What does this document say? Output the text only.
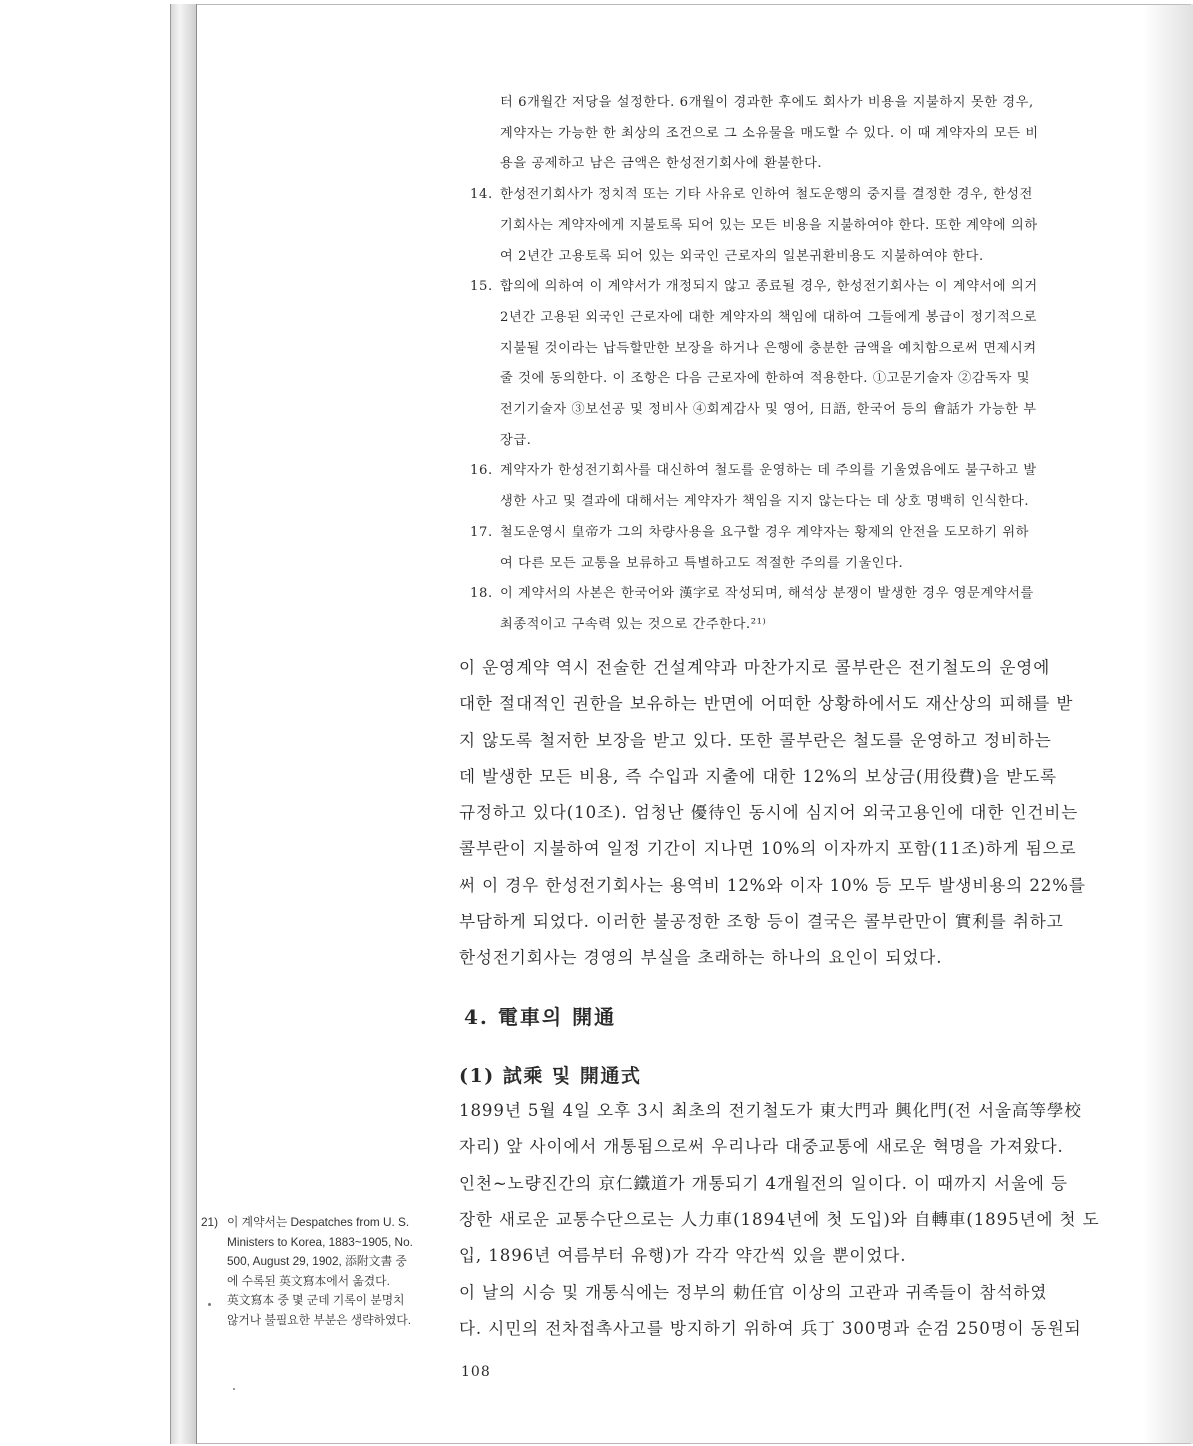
터 6개월간 저당을 설정한다. 6개월이 경과한 후에도 회사가 비용을 지불하지 못한 경우,
계약자는 가능한 한 최상의 조건으로 그 소유물을 매도할 수 있다. 이 때 계약자의 모든 비
용을 공제하고 남은 금액은 한성전기회사에 환불한다.
14. 한성전기회사가 정치적 또는 기타 사유로 인하여 철도운행의 중지를 결정한 경우, 한성전
기회사는 계약자에게 지불토록 되어 있는 모든 비용을 지불하여야 한다. 또한 계약에 의하
여 2년간 고용토록 되어 있는 외국인 근로자의 일본귀환비용도 지불하여야 한다.
15. 합의에 의하여 이 계약서가 개정되지 않고 종료될 경우, 한성전기회사는 이 계약서에 의거
2년간 고용된 외국인 근로자에 대한 계약자의 책임에 대하여 그들에게 봉급이 정기적으로
지불될 것이라는 납득할만한 보장을 하거나 은행에 충분한 금액을 예치함으로써 면제시켜
줄 것에 동의한다. 이 조항은 다음 근로자에 한하여 적용한다. ①고문기술자 ②감독자 및
전기기술자 ③보선공 및 정비사 ④회계감사 및 영어, 日語, 한국어 등의 會話가 가능한 부
장급.
16. 계약자가 한성전기회사를 대신하여 철도를 운영하는 데 주의를 기울였음에도 불구하고 발
생한 사고 및 결과에 대해서는 계약자가 책임을 지지 않는다는 데 상호 명백히 인식한다.
17. 철도운영시 皇帝가 그의 차량사용을 요구할 경우 계약자는 황제의 안전을 도모하기 위하
여 다른 모든 교통을 보류하고 특별하고도 적절한 주의를 기울인다.
18. 이 계약서의 사본은 한국어와 漢字로 작성되며, 해석상 분쟁이 발생한 경우 영문계약서를
최종적이고 구속력 있는 것으로 간주한다.²¹⁾

이 운영계약 역시 전술한 건설계약과 마찬가지로 콜부란은 전기철도의 운영에
대한 절대적인 권한을 보유하는 반면에 어떠한 상황하에서도 재산상의 피해를 받
지 않도록 철저한 보장을 받고 있다. 또한 콜부란은 철도를 운영하고 정비하는
데 발생한 모든 비용, 즉 수입과 지출에 대한 12%의 보상금(用役費)을 받도록
규정하고 있다(10조). 엄청난 優待인 동시에 심지어 외국고용인에 대한 인건비는
콜부란이 지불하여 일정 기간이 지나면 10%의 이자까지 포함(11조)하게 됨으로
써 이 경우 한성전기회사는 용역비 12%와 이자 10% 등 모두 발생비용의 22%를
부담하게 되었다. 이러한 불공정한 조항 등이 결국은 콜부란만이 實利를 취하고
한성전기회사는 경영의 부실을 초래하는 하나의 요인이 되었다.

4. 電車의 開通
(1) 試乘 및 開通式

1899년 5월 4일 오후 3시 최초의 전기철도가 東大門과 興化門(전 서울高等學校
자리) 앞 사이에서 개통됨으로써 우리나라 대중교통에 새로운 혁명을 가져왔다.
인천~노량진간의 京仁鐵道가 개통되기 4개월전의 일이다. 이 때까지 서울에 등
장한 새로운 교통수단으로는 人力車(1894년에 첫 도입)와 自轉車(1895년에 첫 도
입, 1896년 여름부터 유행)가 각각 약간씩 있을 뿐이었다.

이 날의 시승 및 개통식에는 정부의 勅任官 이상의 고관과 귀족들이 참석하였
다. 시민의 전차접촉사고를 방지하기 위하여 兵丁 300명과 순검 250명이 동원되

21) 이 계약서는 Despatches from U. S.
Ministers to Korea, 1883~1905, No.
500, August 29, 1902, 添附文書 중
에 수록된 英文寫本에서 옮겼다.
英文寫本 중 몇 군데 기록이 분명치
않거나 불필요한 부분은 생략하였다.
108
